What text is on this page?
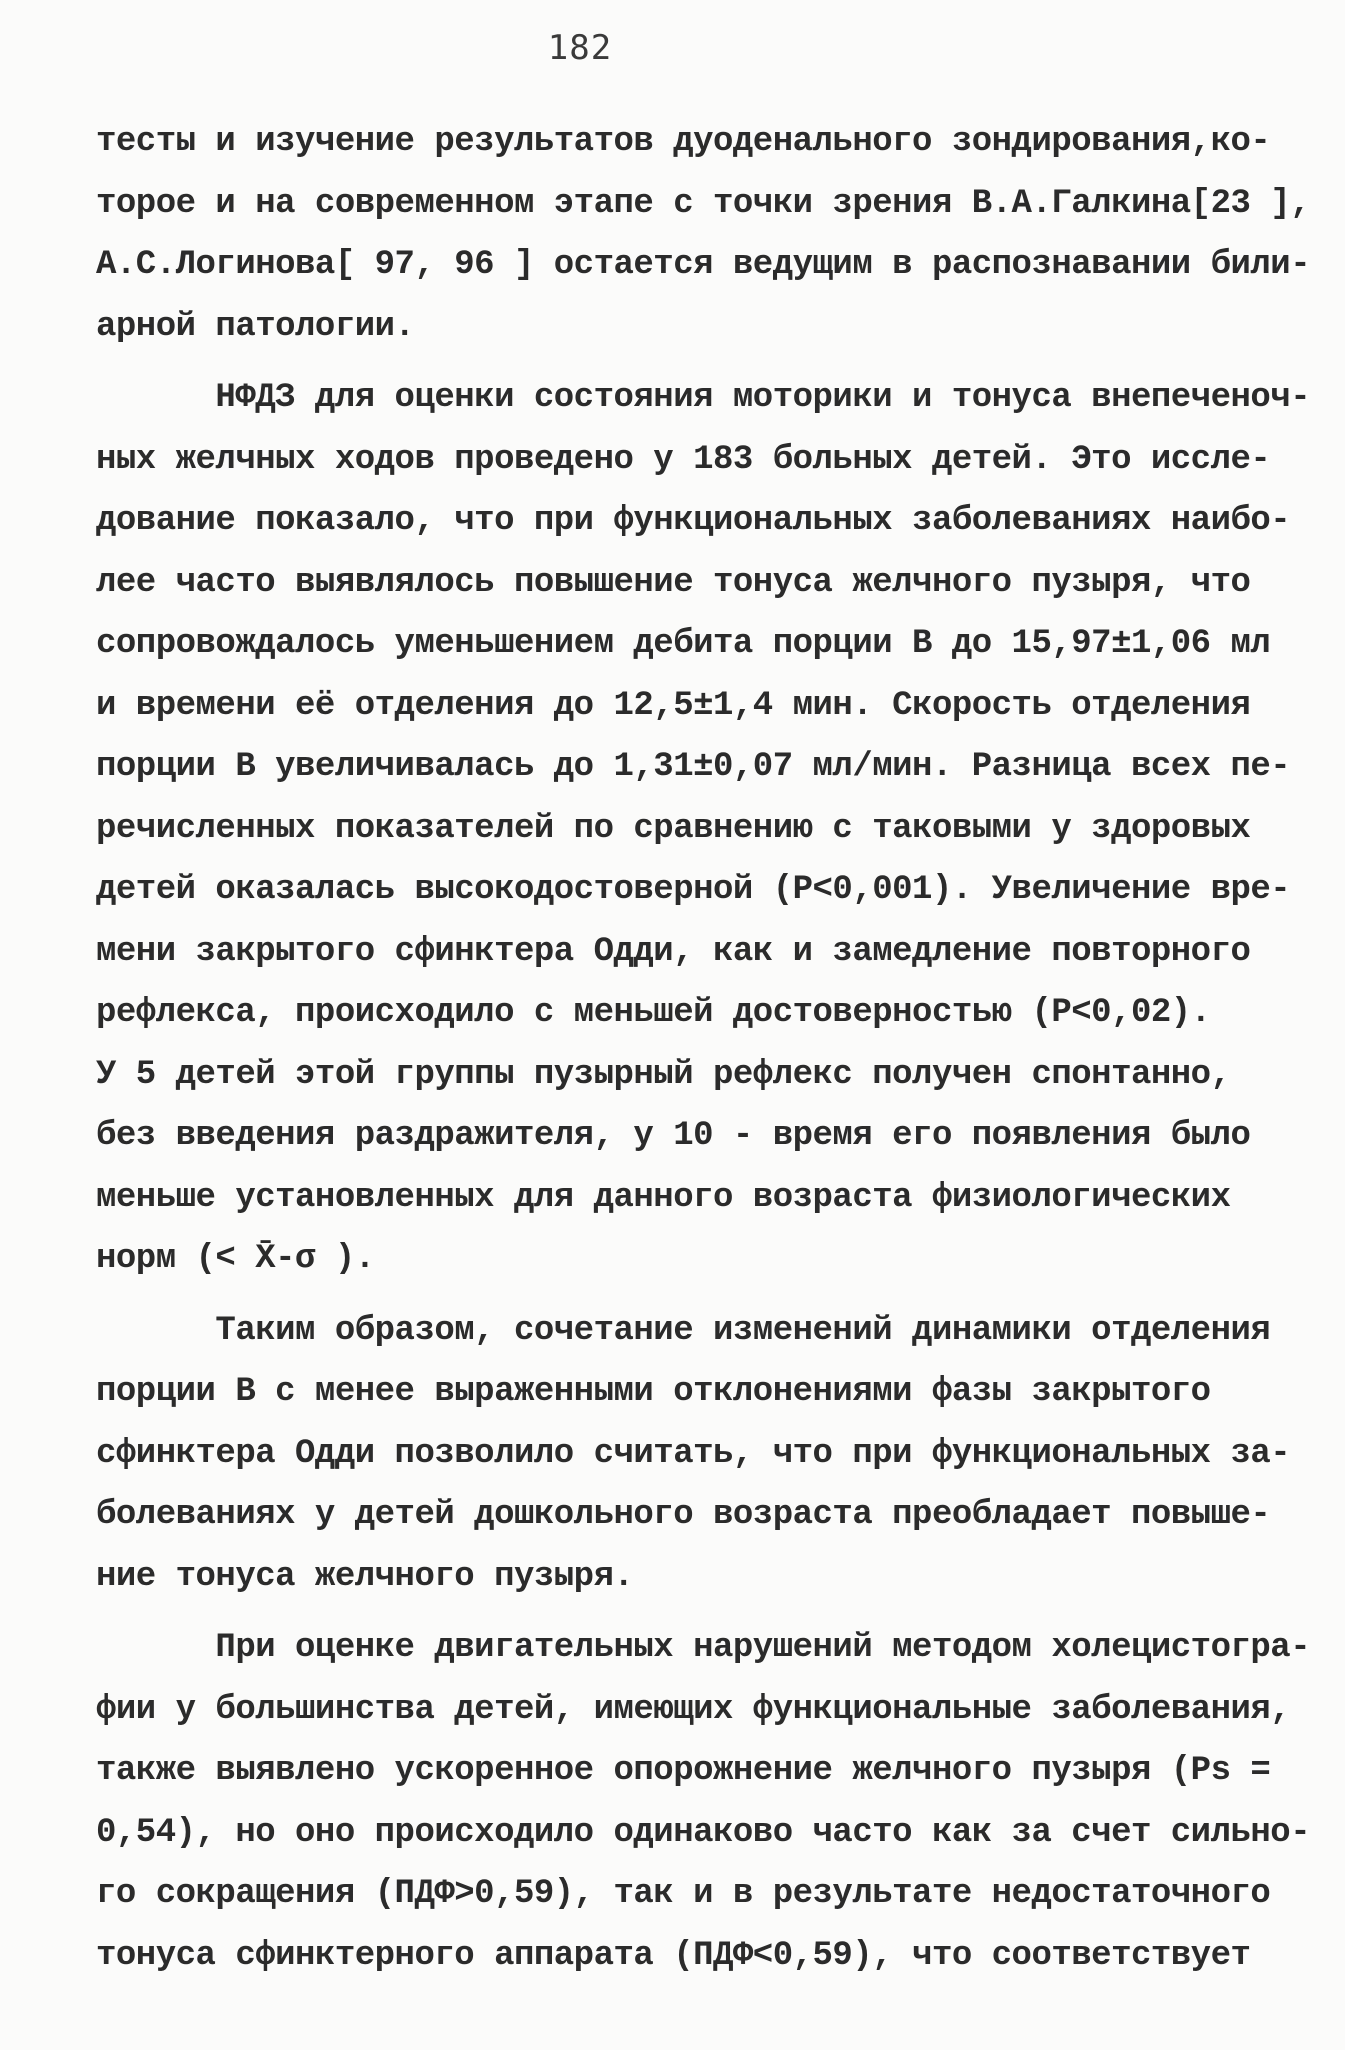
182
тесты и изучение результатов дуоденального зондирования,ко-
торое и на современном этапе с точки зрения В.А.Галкина[23 ],
А.С.Логинова[ 97, 96 ] остается ведущим в распознавании били-
арной патологии.
НФДЗ для оценки состояния моторики и тонуса внепеченоч-
ных желчных ходов проведено у 183 больных детей. Это иссле-
дование показало, что при функциональных заболеваниях наибо-
лее часто выявлялось повышение тонуса желчного пузыря, что
сопровождалось уменьшением дебита порции В до 15,97±1,06 мл
и времени её отделения до 12,5±1,4 мин. Скорость отделения
порции В увеличивалась до 1,31±0,07 мл/мин. Разница всех пе-
речисленных показателей по сравнению с таковыми у здоровых
детей оказалась высокодостоверной (Р<0,001). Увеличение вре-
мени закрытого сфинктера Одди, как и замедление повторного
рефлекса, происходило с меньшей достоверностью (Р<0,02).
У 5 детей этой группы пузырный рефлекс получен спонтанно,
без введения раздражителя, у 10 - время его появления было
меньше установленных для данного возраста физиологических
норм (< X̄-σ ).
Таким образом, сочетание изменений динамики отделения
порции В с менее выраженными отклонениями фазы закрытого
сфинктера Одди позволило считать, что при функциональных за-
болеваниях у детей дошкольного возраста преобладает повыше-
ние тонуса желчного пузыря.
При оценке двигательных нарушений методом холецистогра-
фии у большинства детей, имеющих функциональные заболевания,
также выявлено ускоренное опорожнение желчного пузыря (Рs =
0,54), но оно происходило одинаково часто как за счет сильно-
го сокращения (ПДФ>0,59), так и в результате недостаточного
тонуса сфинктерного аппарата (ПДФ<0,59), что соответствует
